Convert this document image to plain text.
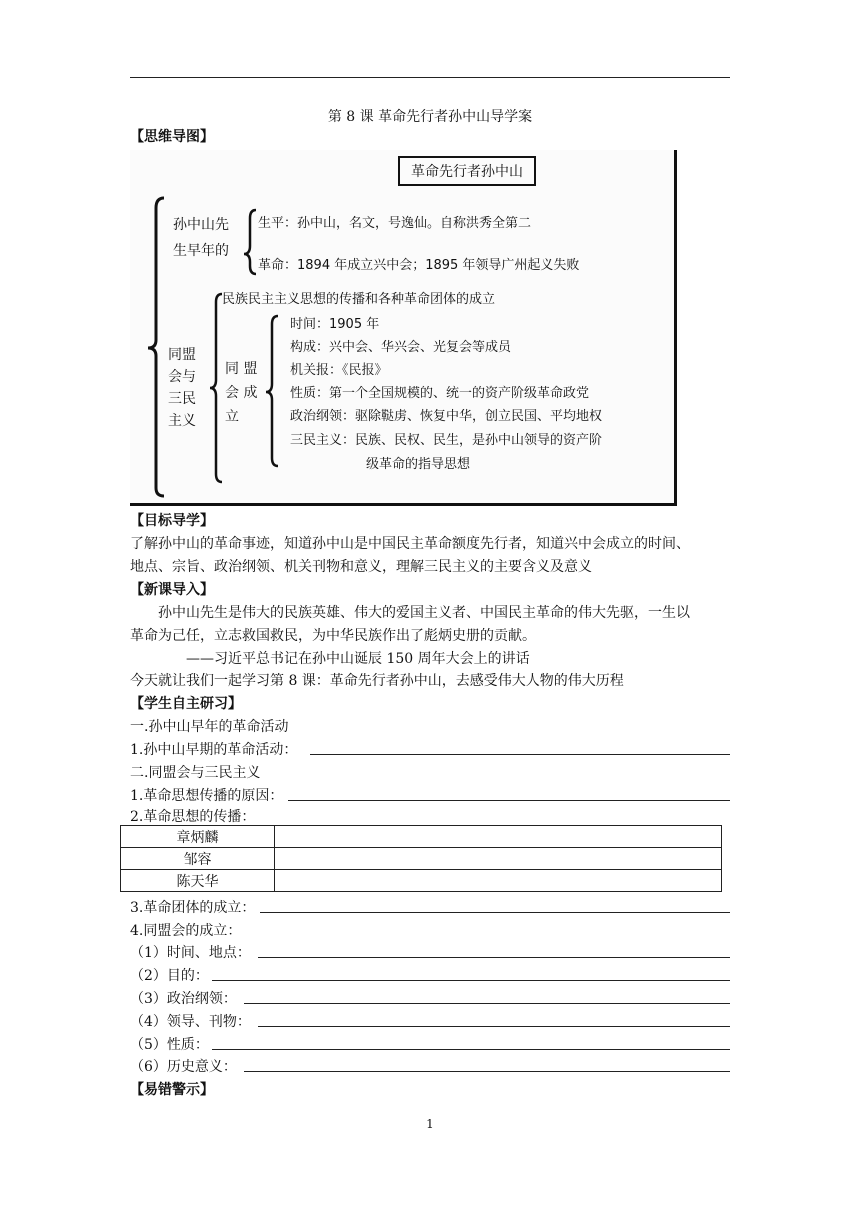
第 8 课 革命先行者孙中山导学案
【思维导图】
革命先行者孙中山
孙中山先
生早年的
生平：孙中山，名文，号逸仙。自称洪秀全第二
革命：1894 年成立兴中会；1895 年领导广州起义失败
同盟
会与
三民
主义
民族民主主义思想的传播和各种革命团体的成立
同 盟
会 成
立
时间：1905 年
构成：兴中会、华兴会、光复会等成员
机关报：《民报》
性质：第一个全国规模的、统一的资产阶级革命政党
政治纲领：驱除鞑虏、恢复中华，创立民国、平均地权
三民主义：民族、民权、民生，是孙中山领导的资产阶
级革命的指导思想
【目标导学】
了解孙中山的革命事迹，知道孙中山是中国民主革命额度先行者，知道兴中会成立的时间、
地点、宗旨、政治纲领、机关刊物和意义，理解三民主义的主要含义及意义
【新课导入】
孙中山先生是伟大的民族英雄、伟大的爱国主义者、中国民主革命的伟大先驱，一生以
革命为己任，立志救国救民，为中华民族作出了彪炳史册的贡献。
——习近平总书记在孙中山诞辰 150 周年大会上的讲话
今天就让我们一起学习第 8 课：革命先行者孙中山，去感受伟大人物的伟大历程
【学生自主研习】
一.孙中山早年的革命活动
1.孙中山早期的革命活动：
二.同盟会与三民主义
1.革命思想传播的原因：
2.革命思想的传播：
章炳麟	
邹容	
陈天华	
3.革命团体的成立：
4.同盟会的成立：
（1）时间、地点：
（2）目的：
（3）政治纲领：
（4）领导、刊物：
（5）性质：
（6）历史意义：
【易错警示】
1
